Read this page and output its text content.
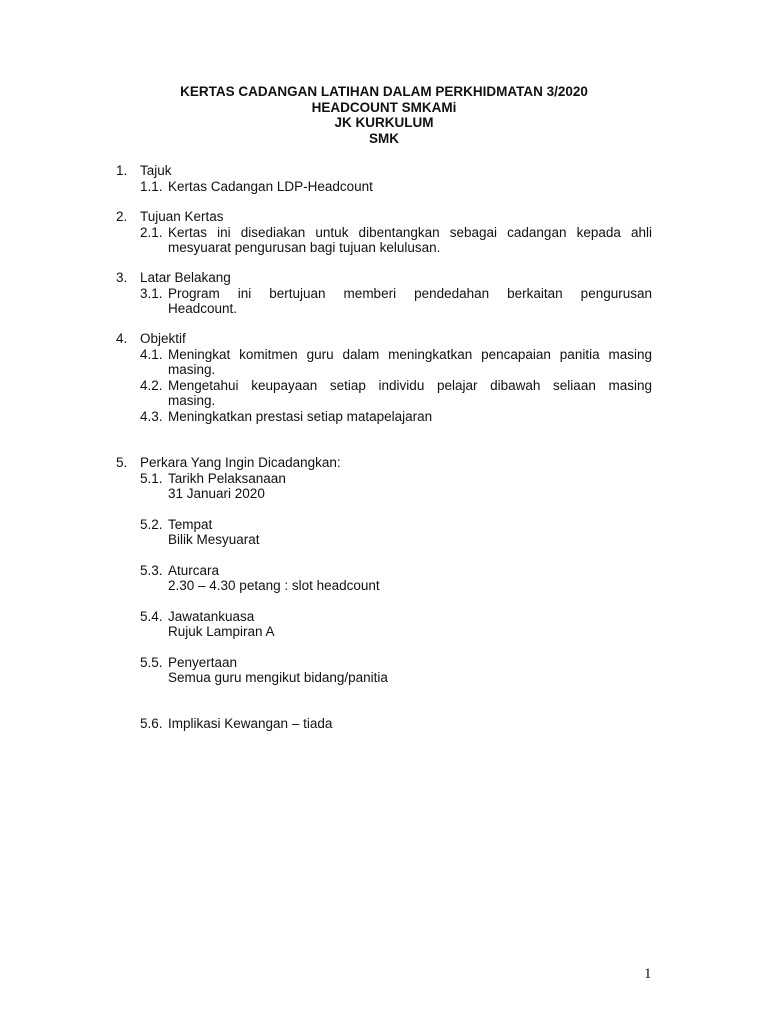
KERTAS CADANGAN LATIHAN DALAM PERKHIDMATAN 3/2020
HEADCOUNT SMKAMi
JK KURKULUM
SMK
1. Tajuk
1.1. Kertas Cadangan LDP-Headcount
2. Tujuan Kertas
2.1. Kertas ini disediakan untuk dibentangkan sebagai cadangan kepada ahli
mesyuarat pengurusan bagi tujuan kelulusan.
3. Latar Belakang
3.1. Program ini bertujuan memberi pendedahan berkaitan pengurusan
Headcount.
4. Objektif
4.1. Meningkat komitmen guru dalam meningkatkan pencapaian panitia masing
masing.
4.2. Mengetahui keupayaan setiap individu pelajar dibawah seliaan masing
masing.
4.3. Meningkatkan prestasi setiap matapelajaran
5. Perkara Yang Ingin Dicadangkan:
5.1. Tarikh Pelaksanaan
31 Januari 2020
5.2. Tempat
Bilik Mesyuarat
5.3. Aturcara
2.30 – 4.30 petang : slot headcount
5.4. Jawatankuasa
Rujuk Lampiran A
5.5. Penyertaan
Semua guru mengikut bidang/panitia
5.6. Implikasi Kewangan – tiada
1
